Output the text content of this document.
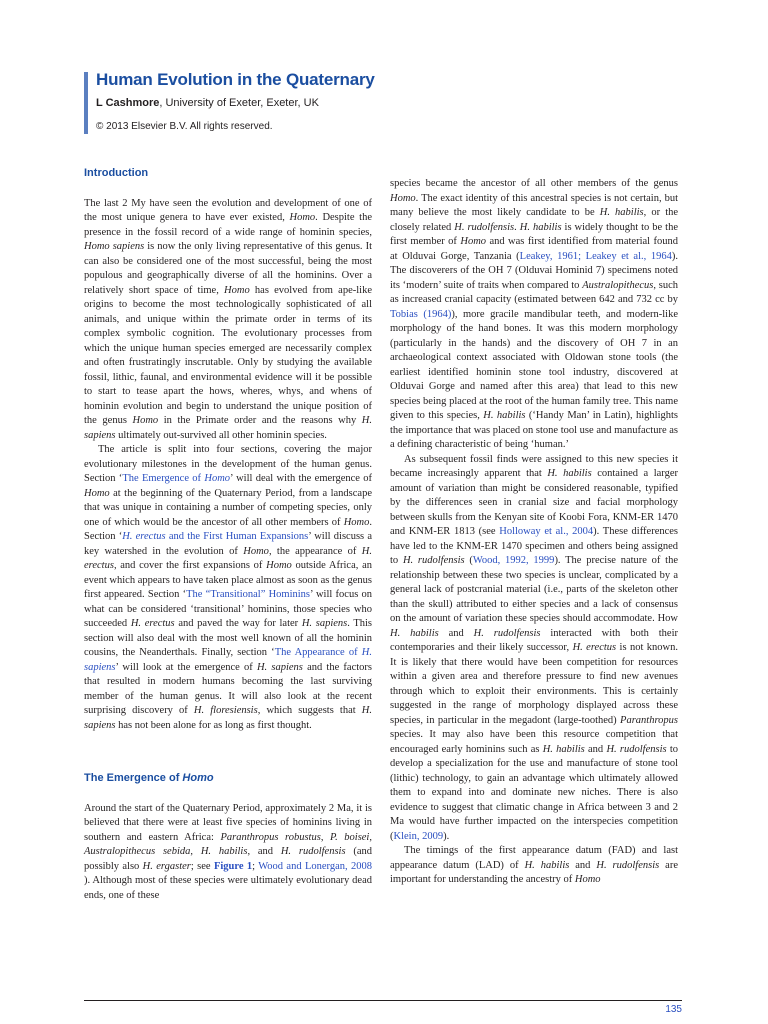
Human Evolution in the Quaternary
L Cashmore, University of Exeter, Exeter, UK
© 2013 Elsevier B.V. All rights reserved.

Introduction

The last 2 My have seen the evolution and development of one of the most unique genera to have ever existed, Homo. Despite the presence in the fossil record of a wide range of hominin species, Homo sapiens is now the only living representative of this genus. It can also be considered one of the most successful, being the most populous and geographically diverse of all the hominins. Over a relatively short space of time, Homo has evolved from ape-like origins to become the most technologically sophisticated of all animals, and unique within the primate order in terms of its complex symbolic cognition. The evolutionary processes from which the unique human species emerged are necessarily complex and often frustratingly inscrutable. Only by studying the available fossil, lithic, faunal, and environmental evidence will it be possible to start to tease apart the hows, wheres, whys, and whens of hominin evolution and begin to understand the unique position of the genus Homo in the Primate order and the reasons why H. sapiens ultimately out-survived all other hominin species.

The article is split into four sections, covering the major evolutionary milestones in the development of the human genus. Section ‘The Emergence of Homo’ will deal with the emergence of Homo at the beginning of the Quaternary Period, from a landscape that was unique in containing a number of competing species, only one of which would be the ancestor of all other members of Homo. Section ‘H. erectus and the First Human Expansions’ will discuss a key watershed in the evolution of Homo, the appearance of H. erectus, and cover the first expansions of Homo outside Africa, an event which appears to have taken place almost as soon as the genus first appeared. Section ‘The “Transitional” Hominins’ will focus on what can be considered ‘transitional’ hominins, those species who succeeded H. erectus and paved the way for later H. sapiens. This section will also deal with the most well known of all the hominin cousins, the Neanderthals. Finally, section ‘The Appearance of H. sapiens’ will look at the emergence of H. sapiens and the factors that resulted in modern humans becoming the last surviving member of the human genus. It will also look at the recent surprising discovery of H. floresiensis, which suggests that H. sapiens has not been alone for as long as first thought.

The Emergence of Homo

Around the start of the Quaternary Period, approximately 2 Ma, it is believed that there were at least five species of hominins living in southern and eastern Africa: Paranthropus robustus, P. boisei, Australopithecus sebida, H. habilis, and H. rudolfensis (and possibly also H. ergaster; see Figure 1; Wood and Lonergan, 2008 ). Although most of these species were ultimately evolutionary dead ends, one of these

species became the ancestor of all other members of the genus Homo. The exact identity of this ancestral species is not certain, but many believe the most likely candidate to be H. habilis, or the closely related H. rudolfensis. H. habilis is widely thought to be the first member of Homo and was first identified from material found at Olduvai Gorge, Tanzania (Leakey, 1961; Leakey et al., 1964). The discoverers of the OH 7 (Olduvai Hominid 7) specimens noted its ‘modern’ suite of traits when compared to Australopithecus, such as increased cranial capacity (estimated between 642 and 732 cc by Tobias (1964)), more gracile mandibular teeth, and modern-like morphology of the hand bones. It was this modern morphology (particularly in the hands) and the discovery of OH 7 in an archaeological context associated with Oldowan stone tools (the earliest identified hominin stone tool industry, discovered at Olduvai Gorge and named after this area) that lead to this new species being placed at the root of the human family tree. This name given to this species, H. habilis (‘Handy Man’ in Latin), highlights the importance that was placed on stone tool use and manufacture as a defining characteristic of being ‘human.’

As subsequent fossil finds were assigned to this new species it became increasingly apparent that H. habilis contained a larger amount of variation than might be considered reasonable, typified by the differences seen in cranial size and facial morphology between skulls from the Kenyan site of Koobi Fora, KNM-ER 1470 and KNM-ER 1813 (see Holloway et al., 2004). These differences have led to the KNM-ER 1470 specimen and others being assigned to H. rudolfensis (Wood, 1992, 1999). The precise nature of the relationship between these two species is unclear, complicated by a general lack of postcranial material (i.e., parts of the skeleton other than the skull) attributed to either species and a lack of consensus on the amount of variation these species should accommodate. How H. habilis and H. rudolfensis interacted with both their contemporaries and their likely successor, H. erectus is not known. It is likely that there would have been competition for resources within a given area and therefore pressure to find new avenues through which to exploit their environments. This is certainly suggested in the range of morphology displayed across these species, in particular in the megadont (large-toothed) Paranthropus species. It may also have been this resource competition that encouraged early hominins such as H. habilis and H. rudolfensis to develop a specialization for the use and manufacture of stone tool (lithic) technology, to gain an advantage which ultimately allowed them to expand into and dominate new niches. There is also evidence to suggest that climatic change in Africa between 3 and 2 Ma would have further impacted on the interspecies competition (Klein, 2009).

The timings of the first appearance datum (FAD) and last appearance datum (LAD) of H. habilis and H. rudolfensis are important for understanding the ancestry of Homo

135
